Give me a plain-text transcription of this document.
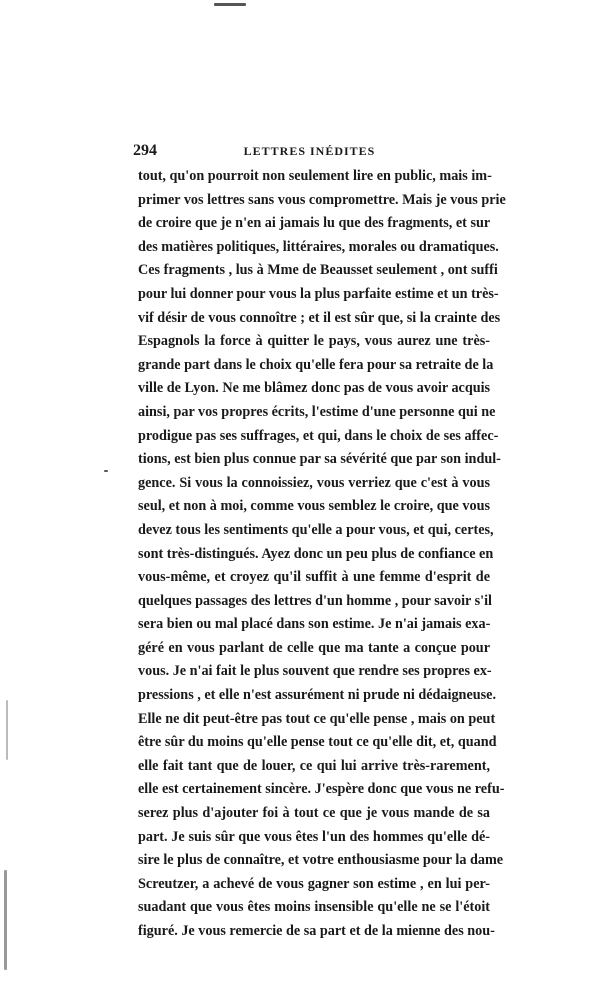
294	LETTRES INÉDITES
tout, qu'on pourroit non seulement lire en public, mais im-
primer vos lettres sans vous compromettre. Mais je vous prie
de croire que je n'en ai jamais lu que des fragments, et sur
des matières politiques, littéraires, morales ou dramatiques.
Ces fragments , lus à Mme de Beausset seulement , ont suffi
pour lui donner pour vous la plus parfaite estime et un très-
vif désir de vous connoître ; et il est sûr que, si la crainte des
Espagnols la force à quitter le pays, vous aurez une très-
grande part dans le choix qu'elle fera pour sa retraite de la
ville de Lyon. Ne me blâmez donc pas de vous avoir acquis
ainsi, par vos propres écrits, l'estime d'une personne qui ne
prodigue pas ses suffrages, et qui, dans le choix de ses affec-
tions, est bien plus connue par sa sévérité que par son indul-
gence. Si vous la connoissiez, vous verriez que c'est à vous
seul, et non à moi, comme vous semblez le croire, que vous
devez tous les sentiments qu'elle a pour vous, et qui, certes,
sont très-distingués. Ayez donc un peu plus de confiance en
vous-même, et croyez qu'il suffit à une femme d'esprit de
quelques passages des lettres d'un homme , pour savoir s'il
sera bien ou mal placé dans son estime. Je n'ai jamais exa-
géré en vous parlant de celle que ma tante a conçue pour
vous. Je n'ai fait le plus souvent que rendre ses propres ex-
pressions , et elle n'est assurément ni prude ni dédaigneuse.
Elle ne dit peut-être pas tout ce qu'elle pense , mais on peut
être sûr du moins qu'elle pense tout ce qu'elle dit, et, quand
elle fait tant que de louer, ce qui lui arrive très-rarement,
elle est certainement sincère. J'espère donc que vous ne refu-
serez plus d'ajouter foi à tout ce que je vous mande de sa
part. Je suis sûr que vous êtes l'un des hommes qu'elle dé-
sire le plus de connaître, et votre enthousiasme pour la dame
Screutzer, a achevé de vous gagner son estime , en lui per-
suadant que vous êtes moins insensible qu'elle ne se l'étoit
figuré. Je vous remercie de sa part et de la mienne des nou-
